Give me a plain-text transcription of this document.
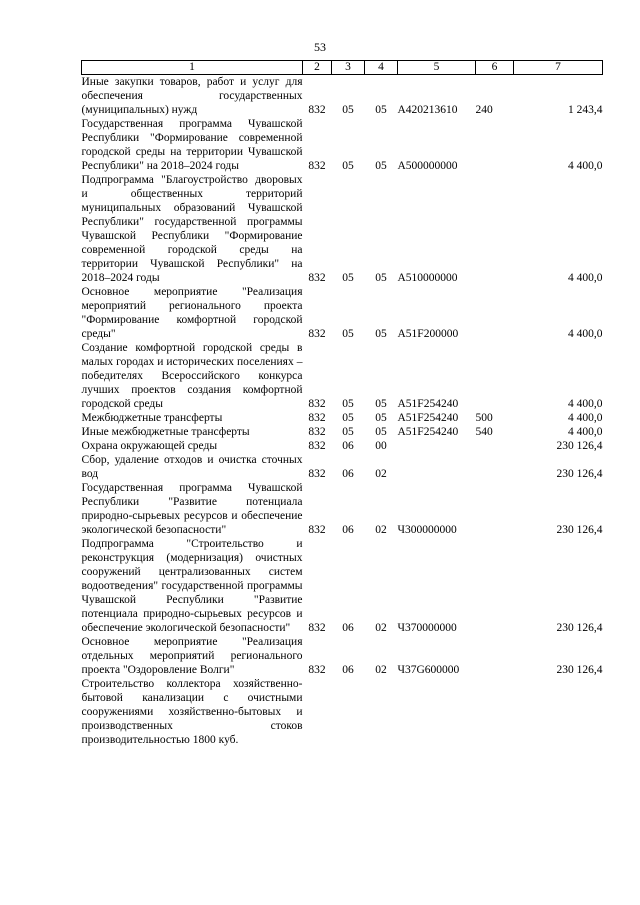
53
1	2	3	4	5	6	7
Иные закупки товаров, работ и услуг для обеспечения государственных (муниципальных) нужд	832	05	05	А420213610	240	1 243,4
Государственная программа Чувашской Республики "Формирование современной городской среды на территории Чувашской Республики" на 2018–2024 годы	832	05	05	А500000000		4 400,0
Подпрограмма "Благоустройство дворовых и общественных территорий муниципальных образований Чувашской Республики" государственной программы Чувашской Республики "Формирование современной городской среды на территории Чувашской Республики" на 2018–2024 годы	832	05	05	А510000000		4 400,0
Основное мероприятие "Реализация мероприятий регионального проекта "Формирование комфортной городской среды"	832	05	05	А51F200000		4 400,0
Создание комфортной городской среды в малых городах и исторических поселениях – победителях Всероссийского конкурса лучших проектов создания комфортной городской среды	832	05	05	А51F254240		4 400,0
Межбюджетные трансферты	832	05	05	А51F254240	500	4 400,0
Иные межбюджетные трансферты	832	05	05	А51F254240	540	4 400,0
Охрана окружающей среды	832	06	00			230 126,4
Сбор, удаление отходов и очистка сточных вод	832	06	02			230 126,4
Государственная программа Чувашской Республики "Развитие потенциала природно-сырьевых ресурсов и обеспечение экологической безопасности"	832	06	02	Ч300000000		230 126,4
Подпрограмма "Строительство и реконструкция (модернизация) очистных сооружений централизованных систем водоотведения" государственной программы Чувашской Республики "Развитие потенциала природно-сырьевых ресурсов и обеспечение экологической безопасности"	832	06	02	Ч370000000		230 126,4
Основное мероприятие "Реализация отдельных мероприятий регионального проекта "Оздоровление Волги"	832	06	02	Ч37G600000		230 126,4
Строительство коллектора хозяйственно-бытовой канализации с очистными сооружениями хозяйственно-бытовых и производственных стоков производительностью 1800 куб.						
